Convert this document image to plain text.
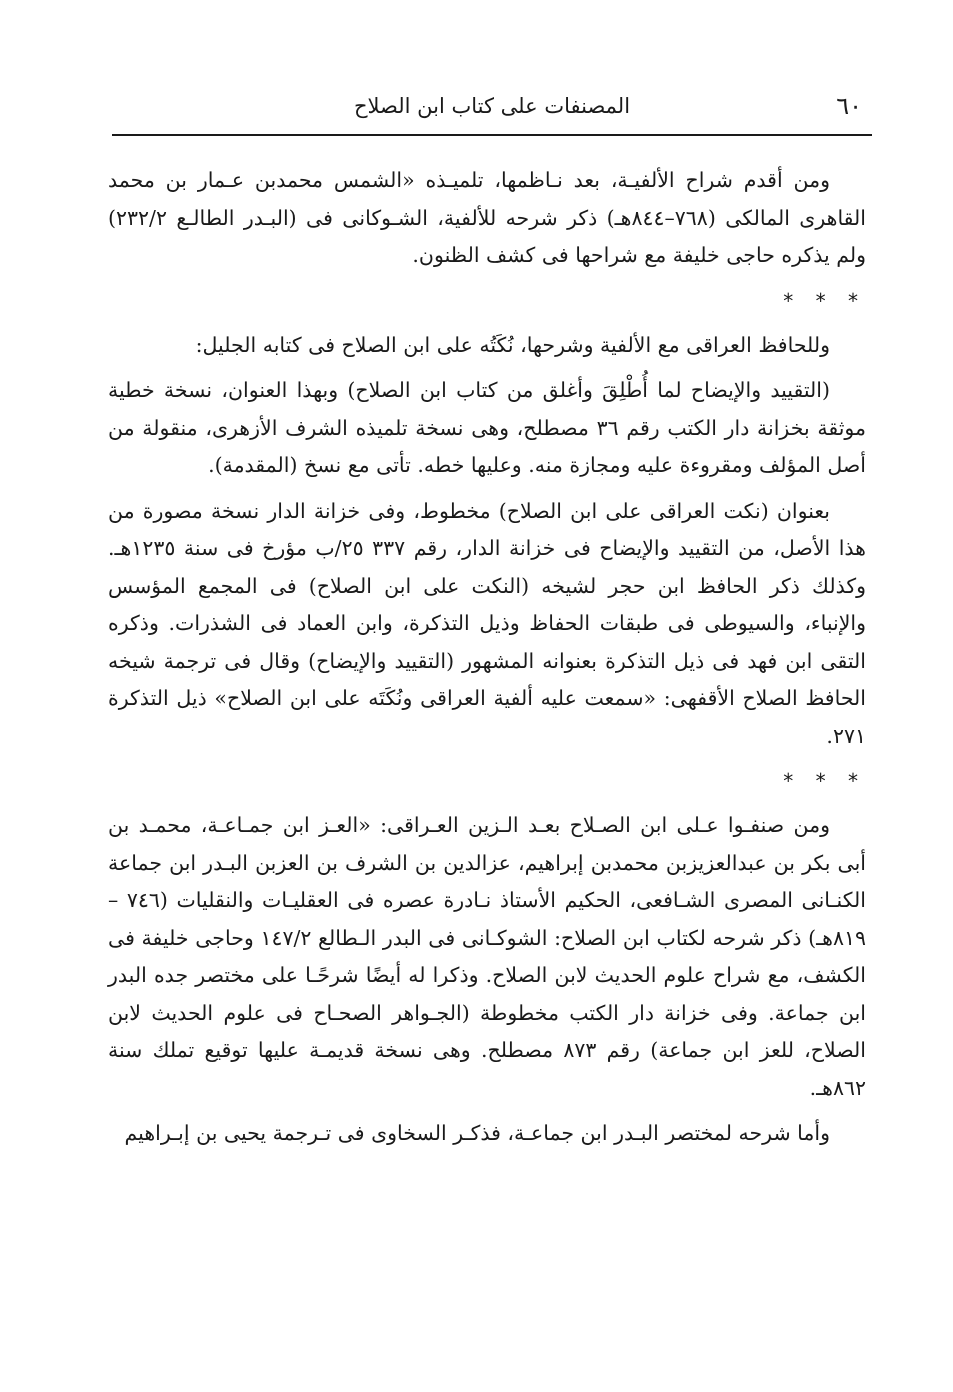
٦٠
المصنفات على كتاب ابن الصلاح

ومن أقدم شراح الألفيـة، بعد نـاظمها، تلميـذه «الشمس محمدبن عـمار بن محمد القاهرى المالكى (٧٦٨–٨٤٤هـ) ذكر شرحه للألفية، الشـوكانى فى (البـدر الطالـع ٢٣٢/٢) ولم يذكره حاجى خليفة مع شراحها فى كشف الظنون.

* * *

وللحافظ العراقى مع الألفية وشرحها، نُكَتُه على ابن الصلاح فى كتابه الجليل:

(التقييد والإيضاح لما أُطْلِقَ وأغلق من كتاب ابن الصلاح) وبهذا العنوان، نسخة خطية موثقة بخزانة دار الكتب رقم ٣٦ مصطلح، وهى نسخة تلميذه الشرف الأزهرى، منقولة من أصل المؤلف ومقروءة عليه ومجازة منه. وعليها خطه. تأتى مع نسخ (المقدمة).

بعنوان (نكت العراقى على ابن الصلاح) مخطوط، وفى خزانة الدار نسخة مصورة من هذا الأصل، من التقييد والإيضاح فى خزانة الدار، رقم ٣٣٧ ٢٥/ب مؤرخ فى سنة ١٢٣٥هـ. وكذلك ذكر الحافظ ابن حجر لشيخه (النكت على ابن الصلاح) فى المجمع المؤسس والإنباء، والسيوطى فى طبقات الحفاظ وذيل التذكرة، وابن العماد فى الشذرات. وذكره التقى ابن فهد فى ذيل التذكرة بعنوانه المشهور (التقييد والإيضاح) وقال فى ترجمة شيخه الحافظ الصلاح الأقفهى: «سمعت عليه ألفية العراقى ونُكَتَه على ابن الصلاح» ذيل التذكرة ٢٧١.

* * *

ومن صنفـوا عـلى ابن الصـلاح بعـد الـزين العـراقى: «العـز ابن جمـاعـة، محمـد بن أبى بكر بن عبدالعزيزبن محمدبن إبراهيم، عزالدين بن الشرف بن العزبن البـدر ابن جماعة الكنـانى المصرى الشـافعى، الحكيم الأستاذ نـادرة عصره فى العقليـات والنقليات (٧٤٦ – ٨١٩هـ) ذكر شرحه لكتاب ابن الصلاح: الشوكـانى فى البدر الـطالع ١٤٧/٢ وحاجى خليفة فى الكشف، مع شراح علوم الحديث لابن الصلاح. وذكرا له أيضًا شرحًـا على مختصر جده البدر ابن جماعة. وفى خزانة دار الكتب مخطوطة (الجـواهر الصحـاح فى علوم الحديث لابن الصلاح، للعز ابن جماعة) رقم ٨٧٣ مصطلح. وهى نسخة قديمـة عليها توقيع تملك سنة ٨٦٢هـ.

وأما شرحه لمختصر البـدر ابن جماعـة، فذكـر السخاوى فى تـرجمة يحيى بن إبـراهيم
